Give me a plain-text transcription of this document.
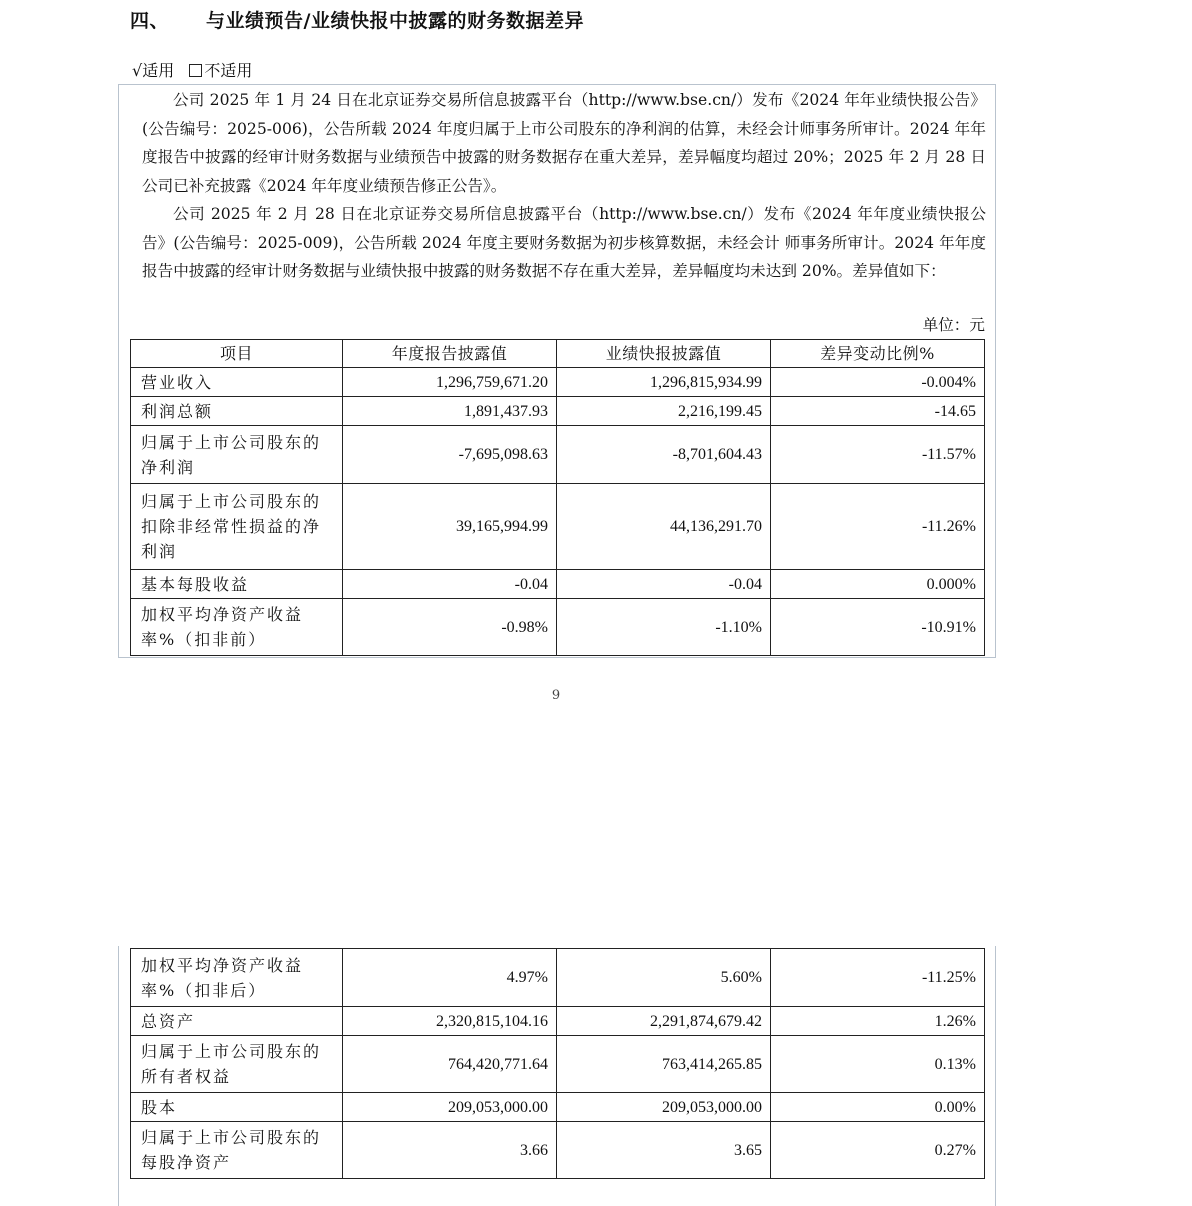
四、 与业绩预告/业绩快报中披露的财务数据差异
√适用 不适用

公司 2025 年 1 月 24 日在北京证券交易所信息披露平台（http://www.bse.cn/）发布《2024 年年业绩快报公告》(公告编号：2025-006)，公告所载 2024 年度归属于上市公司股东的净利润的估算，未经会计师事务所审计。2024 年年度报告中披露的经审计财务数据与业绩预告中披露的财务数据存在重大差异，差异幅度均超过 20%；2025 年 2 月 28 日公司已补充披露《2024 年年度业绩预告修正公告》。

公司 2025 年 2 月 28 日在北京证券交易所信息披露平台（http://www.bse.cn/）发布《2024 年年度业绩快报公告》(公告编号：2025-009)，公告所载 2024 年度主要财务数据为初步核算数据，未经会计 师事务所审计。2024 年年度报告中披露的经审计财务数据与业绩快报中披露的财务数据不存在重大差异，差异幅度均未达到 20%。差异值如下：

单位：元
项目	年度报告披露值	业绩快报披露值	差异变动比例%
营业收入	1,296,759,671.20	1,296,815,934.99	-0.004%
利润总额	1,891,437.93	2,216,199.45	-14.65
归属于上市公司股东的净利润	-7,695,098.63	-8,701,604.43	-11.57%
归属于上市公司股东的扣除非经常性损益的净利润	39,165,994.99	44,136,291.70	-11.26%
基本每股收益	-0.04	-0.04	0.000%
加权平均净资产收益率%（扣非前）	-0.98%	-1.10%	-10.91%
9
加权平均净资产收益率%（扣非后）	4.97%	5.60%	-11.25%
总资产	2,320,815,104.16	2,291,874,679.42	1.26%
归属于上市公司股东的所有者权益	764,420,771.64	763,414,265.85	0.13%
股本	209,053,000.00	209,053,000.00	0.00%
归属于上市公司股东的每股净资产	3.66	3.65	0.27%
